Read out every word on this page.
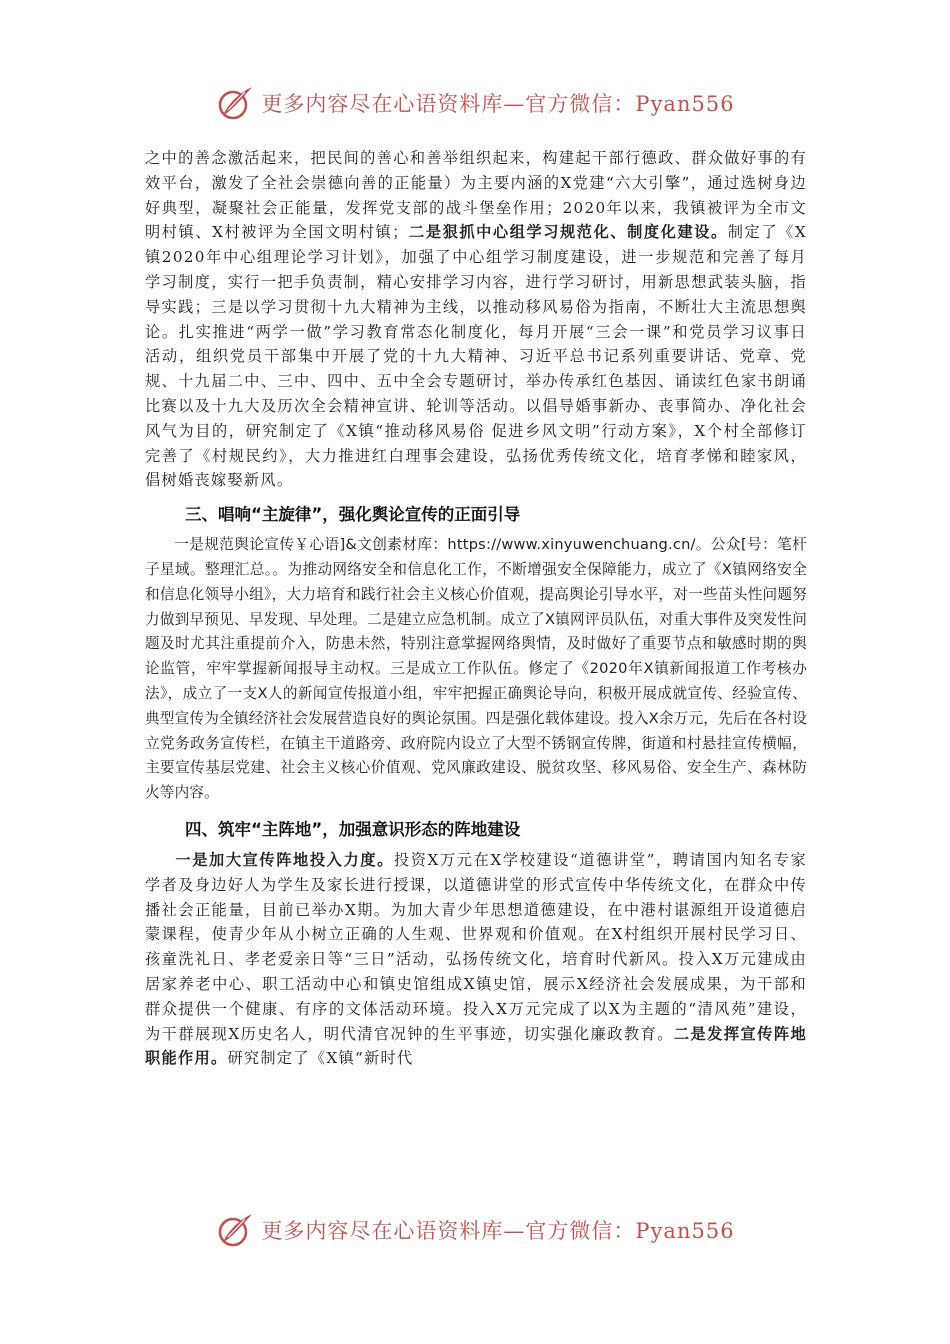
更多内容尽在心语资料库—官方微信：Pyan556

之中的善念激活起来，把民间的善心和善举组织起来，构建起干部行德政、群众做好事的有效平台，激发了全社会崇德向善的正能量）为主要内涵的X党建“六大引擎”，通过选树身边好典型，凝聚社会正能量，发挥党支部的战斗堡垒作用；2020年以来，我镇被评为全市文明村镇、X村被评为全国文明村镇；二是狠抓中心组学习规范化、制度化建设。制定了《X镇2020年中心组理论学习计划》，加强了中心组学习制度建设，进一步规范和完善了每月学习制度，实行一把手负责制，精心安排学习内容，进行学习研讨，用新思想武装头脑，指导实践；三是以学习贯彻十九大精神为主线，以推动移风易俗为指南，不断壮大主流思想舆论。扎实推进“两学一做”学习教育常态化制度化，每月开展“三会一课”和党员学习议事日活动，组织党员干部集中开展了党的十九大精神、习近平总书记系列重要讲话、党章、党规、十九届二中、三中、四中、五中全会专题研讨，举办传承红色基因、诵读红色家书朗诵比赛以及十九大及历次全会精神宣讲、轮训等活动。以倡导婚事新办、丧事简办、净化社会风气为目的，研究制定了《X镇“推动移风易俗 促进乡风文明”行动方案》，X个村全部修订完善了《村规民约》，大力推进红白理事会建设，弘扬优秀传统文化，培育孝悌和睦家风，倡树婚丧嫁娶新风。

三、唱响“主旋律”，强化舆论宣传的正面引导

一是规范舆论宣传￥心语]&文创素材库：https://www.xinyuwenchuang.cn/。公众[号：笔杆子星域。整理汇总。。为推动网络安全和信息化工作，不断增强安全保障能力，成立了《X镇网络安全和信息化领导小组》，大力培育和践行社会主义核心价值观，提高舆论引导水平，对一些苗头性问题努力做到早预见、早发现、早处理。二是建立应急机制。成立了X镇网评员队伍，对重大事件及突发性问题及时尤其注重提前介入，防患未然，特别注意掌握网络舆情，及时做好了重要节点和敏感时期的舆论监管，牢牢掌握新闻报导主动权。三是成立工作队伍。修定了《2020年X镇新闻报道工作考核办法》，成立了一支X人的新闻宣传报道小组，牢牢把握正确舆论导向，积极开展成就宣传、经验宣传、典型宣传为全镇经济社会发展营造良好的舆论氛围。四是强化载体建设。投入X余万元，先后在各村设立党务政务宣传栏，在镇主干道路旁、政府院内设立了大型不锈钢宣传牌，街道和村悬挂宣传横幅，主要宣传基层党建、社会主义核心价值观、党风廉政建设、脱贫攻坚、移风易俗、安全生产、森林防火等内容。

四、筑牢“主阵地”，加强意识形态的阵地建设

一是加大宣传阵地投入力度。投资X万元在X学校建设“道德讲堂”，聘请国内知名专家学者及身边好人为学生及家长进行授课，以道德讲堂的形式宣传中华传统文化，在群众中传播社会正能量，目前已举办X期。为加大青少年思想道德建设，在中港村谌源组开设道德启蒙课程，使青少年从小树立正确的人生观、世界观和价值观。在X村组织开展村民学习日、孩童洗礼日、孝老爱亲日等“三日”活动，弘扬传统文化，培育时代新风。投入X万元建成由居家养老中心、职工活动中心和镇史馆组成X镇史馆，展示X经济社会发展成果，为干部和群众提供一个健康、有序的文体活动环境。投入X万元完成了以X为主题的“清风苑”建设，为干群展现X历史名人，明代清官况钟的生平事迹，切实强化廉政教育。二是发挥宣传阵地职能作用。研究制定了《X镇“新时代

更多内容尽在心语资料库—官方微信：Pyan556
